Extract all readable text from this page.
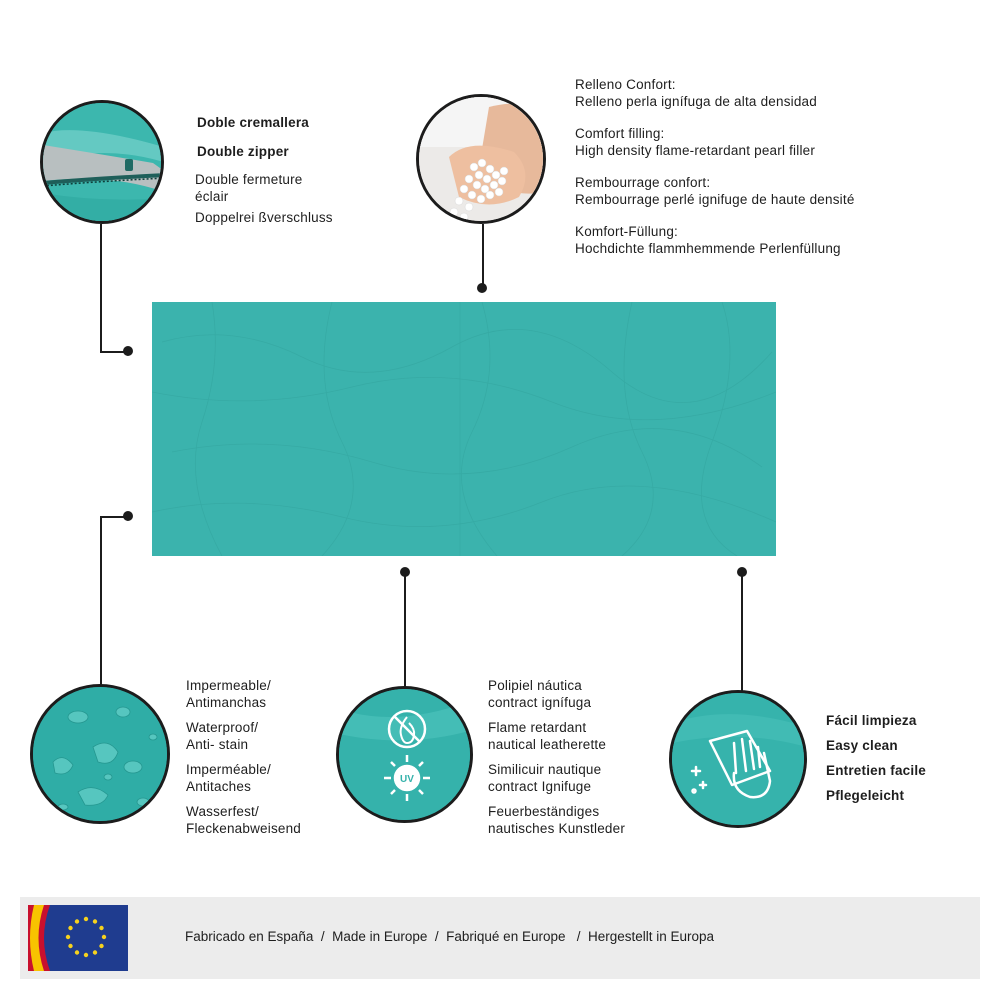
Doble cremallera
Double zipper
Double fermeture
éclair
Doppelrei ßverschluss
Relleno Confort:
Relleno perla ignífuga de alta densidad
Comfort filling:
High density flame-retardant pearl filler
Rembourrage confort:
Rembourrage perlé ignifuge de haute densité
Komfort-Füllung:
Hochdichte flammhemmende Perlenfüllung
Impermeable/
Antimanchas
Waterproof/
Anti- stain
Imperméable/
Antitaches
Wasserfest/
Fleckenabweisend
UV
Polipiel náutica
contract ignífuga
Flame retardant
nautical leatherette
Similicuir nautique
contract Ignifuge
Feuerbeständiges
nautisches Kunstleder
Fácil limpieza
Easy clean
Entretien facile
Pflegeleicht
Fabricado en España  /  Made in Europe  /  Fabriqué en Europe   /  Hergestellt in Europa
